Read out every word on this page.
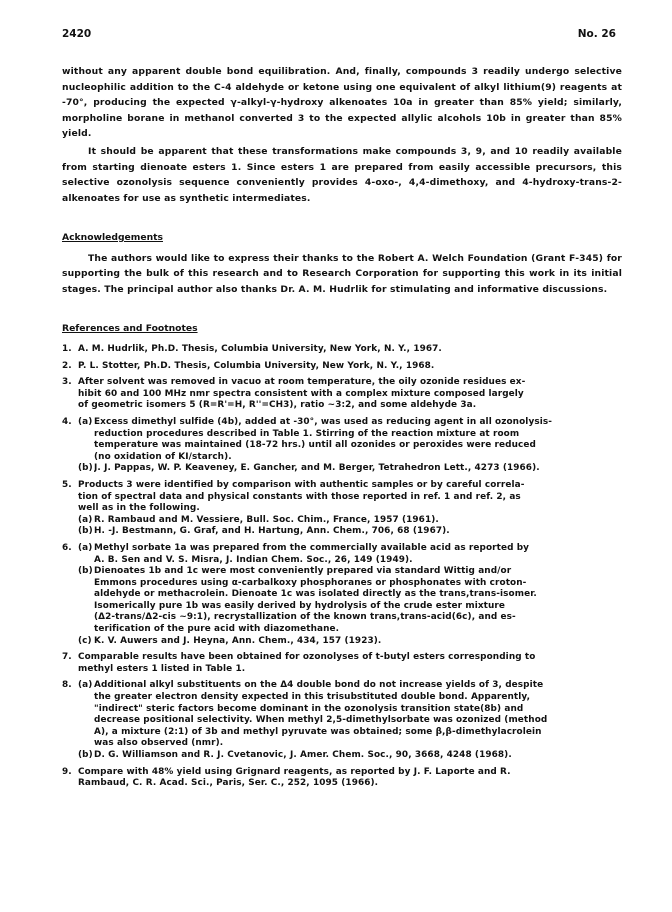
2420	No. 26

without any apparent double bond equilibration. And, finally, compounds 3 readily undergo selective nucleophilic addition to the C-4 aldehyde or ketone using one equivalent of alkyl lithium(9) reagents at -70°, producing the expected γ-alkyl-γ-hydroxy alkenoates 10a in greater than 85% yield; similarly, morpholine borane in methanol converted 3 to the expected allylic alcohols 10b in greater than 85% yield.

It should be apparent that these transformations make compounds 3, 9, and 10 readily available from starting dienoate esters 1. Since esters 1 are prepared from easily accessible precursors, this selective ozonolysis sequence conveniently provides 4-oxo-, 4,4-dimethoxy, and 4-hydroxy-trans-2-alkenoates for use as synthetic intermediates.

Acknowledgements

The authors would like to express their thanks to the Robert A. Welch Foundation (Grant F-345) for supporting the bulk of this research and to Research Corporation for supporting this work in its initial stages. The principal author also thanks Dr. A. M. Hudrlik for stimulating and informative discussions.

References and Footnotes
1. A. M. Hudrlik, Ph.D. Thesis, Columbia University, New York, N. Y., 1967.
2. P. L. Stotter, Ph.D. Thesis, Columbia University, New York, N. Y., 1968.
3. After solvent was removed in vacuo at room temperature, the oily ozonide residues ex-
hibit 60 and 100 MHz nmr spectra consistent with a complex mixture composed largely
of geometric isomers 5 (R=R'=H, R''=CH3), ratio ~3:2, and some aldehyde 3a.
4. (a) Excess dimethyl sulfide (4b), added at -30°, was used as reducing agent in all ozonolysis-
reduction procedures described in Table 1. Stirring of the reaction mixture at room
temperature was maintained (18-72 hrs.) until all ozonides or peroxides were reduced
(no oxidation of KI/starch).
(b) J. J. Pappas, W. P. Keaveney, E. Gancher, and M. Berger, Tetrahedron Lett., 4273 (1966).
5. Products 3 were identified by comparison with authentic samples or by careful correla-
tion of spectral data and physical constants with those reported in ref. 1 and ref. 2, as
well as in the following.
(a) R. Rambaud and M. Vessiere, Bull. Soc. Chim., France, 1957 (1961).
(b) H. -J. Bestmann, G. Graf, and H. Hartung, Ann. Chem., 706, 68 (1967).
6. (a) Methyl sorbate 1a was prepared from the commercially available acid as reported by
A. B. Sen and V. S. Misra, J. Indian Chem. Soc., 26, 149 (1949).
(b) Dienoates 1b and 1c were most conveniently prepared via standard Wittig and/or
Emmons procedures using α-carbalkoxy phosphoranes or phosphonates with croton-
aldehyde or methacrolein. Dienoate 1c was isolated directly as the trans,trans-isomer.
Isomerically pure 1b was easily derived by hydrolysis of the crude ester mixture
(Δ2-trans/Δ2-cis ~9:1), recrystallization of the known trans,trans-acid(6c), and es-
terification of the pure acid with diazomethane.
(c) K. V. Auwers and J. Heyna, Ann. Chem., 434, 157 (1923).
7. Comparable results have been obtained for ozonolyses of t-butyl esters corresponding to
methyl esters 1 listed in Table 1.
8. (a) Additional alkyl substituents on the Δ4 double bond do not increase yields of 3, despite
the greater electron density expected in this trisubstituted double bond. Apparently,
"indirect" steric factors become dominant in the ozonolysis transition state(8b) and
decrease positional selectivity. When methyl 2,5-dimethylsorbate was ozonized (method
A), a mixture (2:1) of 3b and methyl pyruvate was obtained; some β,β-dimethylacrolein
was also observed (nmr).
(b) D. G. Williamson and R. J. Cvetanovic, J. Amer. Chem. Soc., 90, 3668, 4248 (1968).
9. Compare with 48% yield using Grignard reagents, as reported by J. F. Laporte and R.
Rambaud, C. R. Acad. Sci., Paris, Ser. C., 252, 1095 (1966).
